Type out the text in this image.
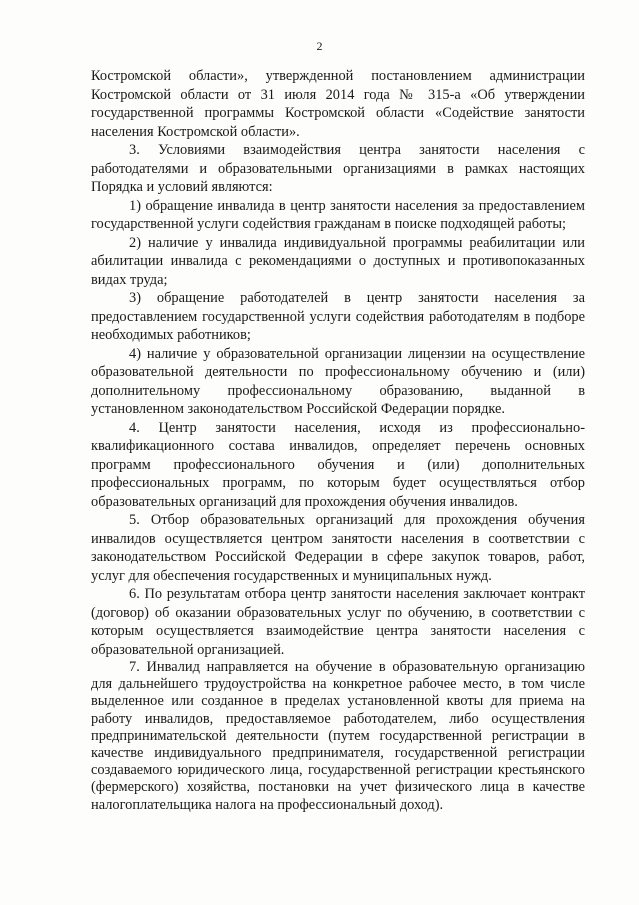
2

Костромской области», утвержденной постановлением администрации Костромской области от 31 июля 2014 года № 315-а «Об утверждении государственной программы Костромской области «Содействие занятости населения Костромской области».

3. Условиями взаимодействия центра занятости населения с работодателями и образовательными организациями в рамках настоящих Порядка и условий являются:

1) обращение инвалида в центр занятости населения за предоставлением государственной услуги содействия гражданам в поиске подходящей работы;

2) наличие у инвалида индивидуальной программы реабилитации или абилитации инвалида с рекомендациями о доступных и противопоказанных видах труда;

3) обращение работодателей в центр занятости населения за предоставлением государственной услуги содействия работодателям в подборе необходимых работников;

4) наличие у образовательной организации лицензии на осуществление образовательной деятельности по профессиональному обучению и (или) дополнительному профессиональному образованию, выданной в установленном законодательством Российской Федерации порядке.

4. Центр занятости населения, исходя из профессионально-квалификационного состава инвалидов, определяет перечень основных программ профессионального обучения и (или) дополнительных профессиональных программ, по которым будет осуществляться отбор образовательных организаций для прохождения обучения инвалидов.

5. Отбор образовательных организаций для прохождения обучения инвалидов осуществляется центром занятости населения в соответствии с законодательством Российской Федерации в сфере закупок товаров, работ, услуг для обеспечения государственных и муниципальных нужд.

6. По результатам отбора центр занятости населения заключает контракт (договор) об оказании образовательных услуг по обучению, в соответствии с которым осуществляется взаимодействие центра занятости населения с образовательной организацией.

7. Инвалид направляется на обучение в образовательную организацию для дальнейшего трудоустройства на конкретное рабочее место, в том числе выделенное или созданное в пределах установленной квоты для приема на работу инвалидов, предоставляемое работодателем, либо осуществления предпринимательской деятельности (путем государственной регистрации в качестве индивидуального предпринимателя, государственной регистрации создаваемого юридического лица, государственной регистрации крестьянского (фермерского) хозяйства, постановки на учет физического лица в качестве налогоплательщика налога на профессиональный доход).
